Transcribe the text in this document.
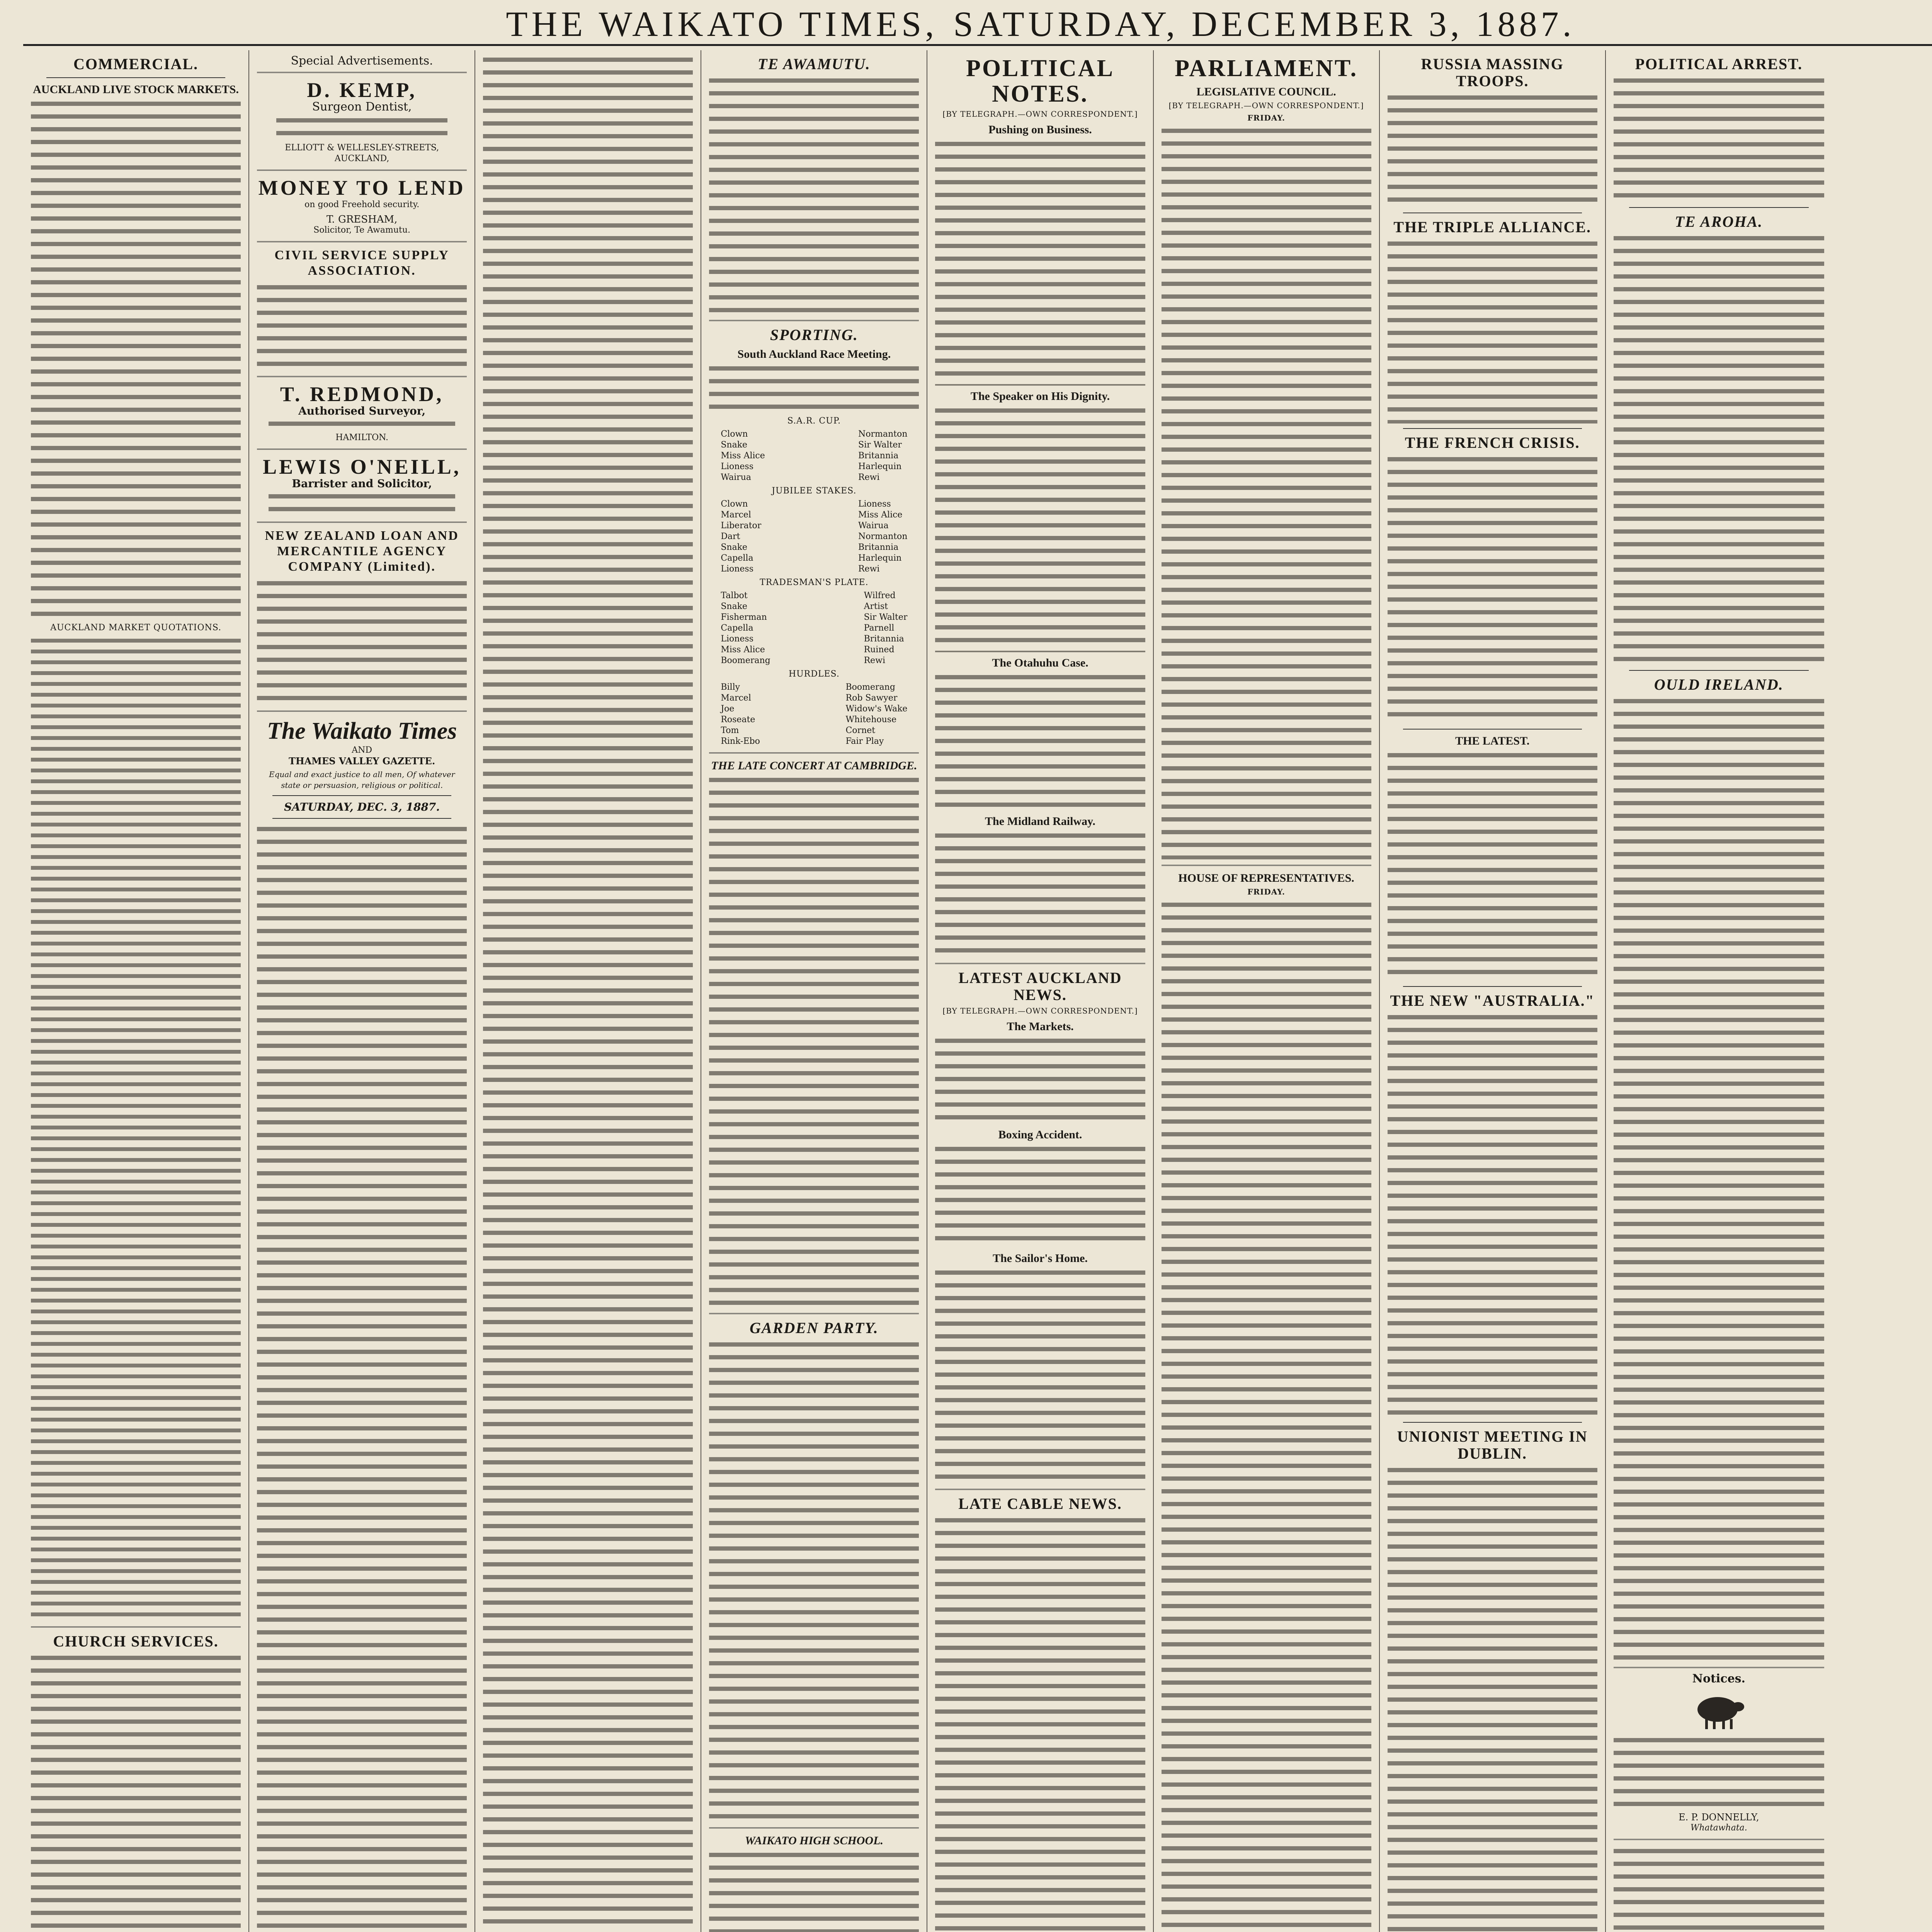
THE WAIKATO TIMES, SATURDAY, DECEMBER 3, 1887.
COMMERCIAL.
AUCKLAND LIVE STOCK MARKETS.
AUCKLAND MARKET QUOTATIONS.
CHURCH SERVICES.
Special Advertisements.
D. KEMP,
Surgeon Dentist,
ELLIOTT & WELLESLEY-STREETS, AUCKLAND,
MONEY TO LEND
on good Freehold security.
T. GRESHAM,
Solicitor, Te Awamutu.
CIVIL SERVICE SUPPLY ASSOCIATION.
T. REDMOND,
Authorised Surveyor,
HAMILTON.
LEWIS O'NEILL,
Barrister and Solicitor,
NEW ZEALAND LOAN AND MERCANTILE AGENCY COMPANY (Limited).
The Waikato Times
AND
THAMES VALLEY GAZETTE.
Equal and exact justice to all men, Of whatever state or persuasion, religious or political.
SATURDAY, DEC. 3, 1887.
TE AWAMUTU.
SPORTING.
South Auckland Race Meeting.
S.A.R. CUP.
Clown
Snake
Miss Alice
Lioness
Wairua
Normanton
Sir Walter
Britannia
Harlequin
Rewi
JUBILEE STAKES.
Clown
Marcel
Liberator
Dart
Snake
Capella
Lioness
Lioness
Miss Alice
Wairua
Normanton
Britannia
Harlequin
Rewi
TRADESMAN'S PLATE.
Talbot
Snake
Fisherman
Capella
Lioness
Miss Alice
Boomerang
Wilfred
Artist
Sir Walter
Parnell
Britannia
Ruined
Rewi
HURDLES.
Billy
Marcel
Joe
Roseate
Tom
Rink-Ebo
Boomerang
Rob Sawyer
Widow's Wake
Whitehouse
Cornet
Fair Play
THE LATE CONCERT AT CAMBRIDGE.
GARDEN PARTY.
WAIKATO HIGH SCHOOL.
POLITICAL NOTES.
[BY TELEGRAPH.—OWN CORRESPONDENT.]
Pushing on Business.
The Speaker on His Dignity.
The Otahuhu Case.
The Midland Railway.
LATEST AUCKLAND NEWS.
[BY TELEGRAPH.—OWN CORRESPONDENT.]
The Markets.
Boxing Accident.
The Sailor's Home.
LATE CABLE NEWS.
PARLIAMENT.
LEGISLATIVE COUNCIL.
[BY TELEGRAPH.—OWN CORRESPONDENT.]
FRIDAY.
HOUSE OF REPRESENTATIVES.
FRIDAY.
RUSSIA MASSING TROOPS.
THE TRIPLE ALLIANCE.
THE FRENCH CRISIS.
THE LATEST.
THE NEW "AUSTRALIA."
UNIONIST MEETING IN DUBLIN.
POLITICAL ARREST.
TE AROHA.
OULD IRELAND.
Notices.
E. P. DONNELLY,
Whatawhata.
